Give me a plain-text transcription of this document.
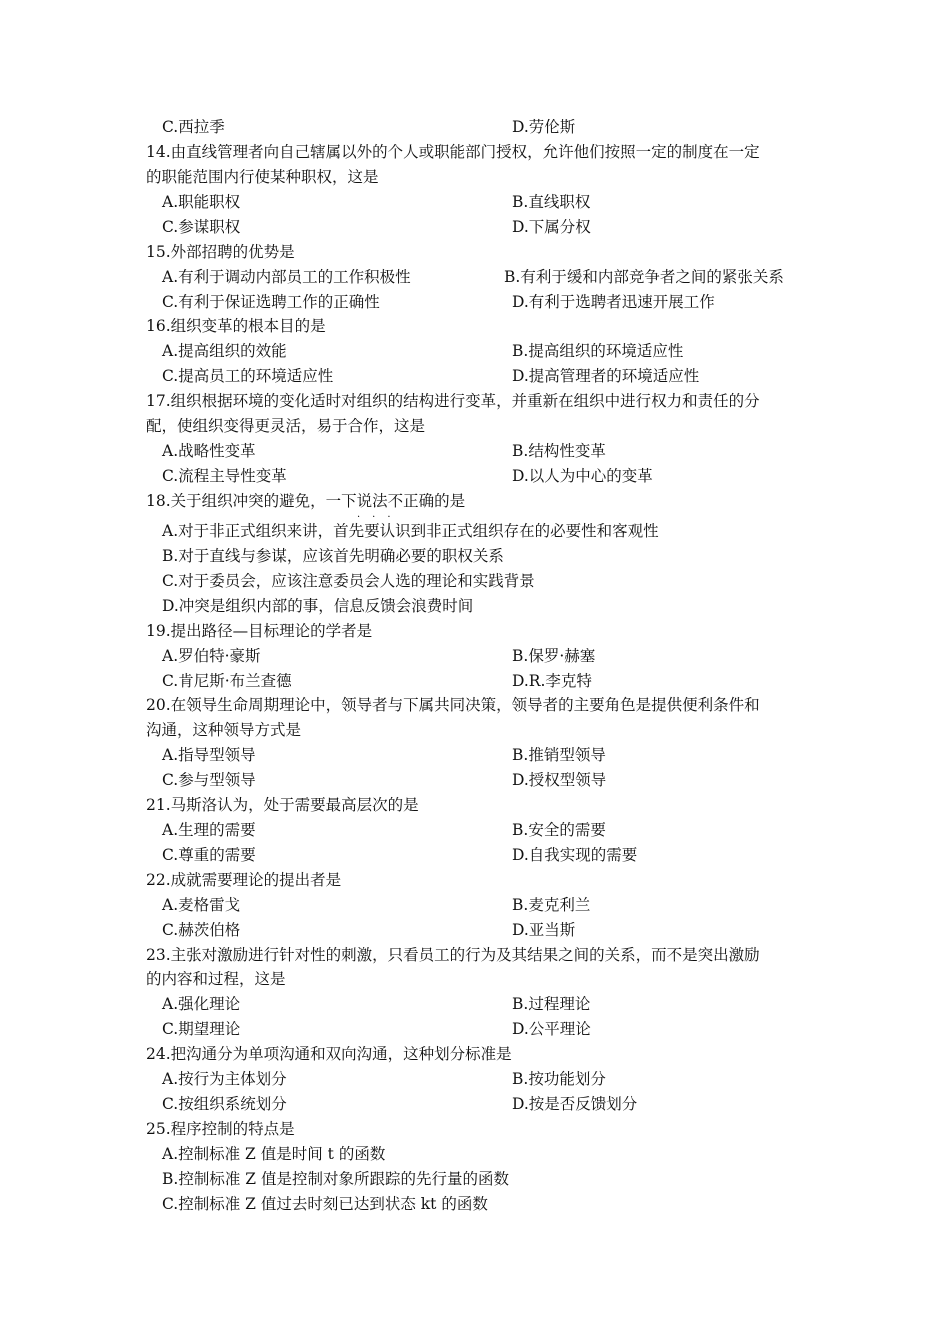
C.西拉季	D.劳伦斯
14.由直线管理者向自己辖属以外的个人或职能部门授权，允许他们按照一定的制度在一定
的职能范围内行使某种职权，这是
A.职能职权	B.直线职权
C.参谋职权	D.下属分权
15.外部招聘的优势是
A.有利于调动内部员工的工作积极性	B.有利于缓和内部竞争者之间的紧张关系
C.有利于保证选聘工作的正确性	D.有利于选聘者迅速开展工作
16.组织变革的根本目的是
A.提高组织的效能	B.提高组织的环境适应性
C.提高员工的环境适应性	D.提高管理者的环境适应性
17.组织根据环境的变化适时对组织的结构进行变革，并重新在组织中进行权力和责任的分
配，使组织变得更灵活，易于合作，这是
A.战略性变革	B.结构性变革
C.流程主导性变革	D.以人为中心的变革
18.关于组织冲突的避免，一下说法不正确的是
A.对于非正式组织来讲，首先要认识到非正式组织存在的必要性和客观性
B.对于直线与参谋，应该首先明确必要的职权关系
C.对于委员会，应该注意委员会人选的理论和实践背景
D.冲突是组织内部的事，信息反馈会浪费时间
19.提出路径—目标理论的学者是
A.罗伯特·豪斯	B.保罗·赫塞
C.肯尼斯·布兰查德	D.R.李克特
20.在领导生命周期理论中，领导者与下属共同决策，领导者的主要角色是提供便利条件和
沟通，这种领导方式是
A.指导型领导	B.推销型领导
C.参与型领导	D.授权型领导
21.马斯洛认为，处于需要最高层次的是
A.生理的需要	B.安全的需要
C.尊重的需要	D.自我实现的需要
22.成就需要理论的提出者是
A.麦格雷戈	B.麦克利兰
C.赫茨伯格	D.亚当斯
23.主张对激励进行针对性的刺激，只看员工的行为及其结果之间的关系，而不是突出激励
的内容和过程，这是
A.强化理论	B.过程理论
C.期望理论	D.公平理论
24.把沟通分为单项沟通和双向沟通，这种划分标准是
A.按行为主体划分	B.按功能划分
C.按组织系统划分	D.按是否反馈划分
25.程序控制的特点是
A.控制标准 Z 值是时间 t 的函数
B.控制标准 Z 值是控制对象所跟踪的先行量的函数
C.控制标准 Z 值过去时刻已达到状态 kt 的函数
···
